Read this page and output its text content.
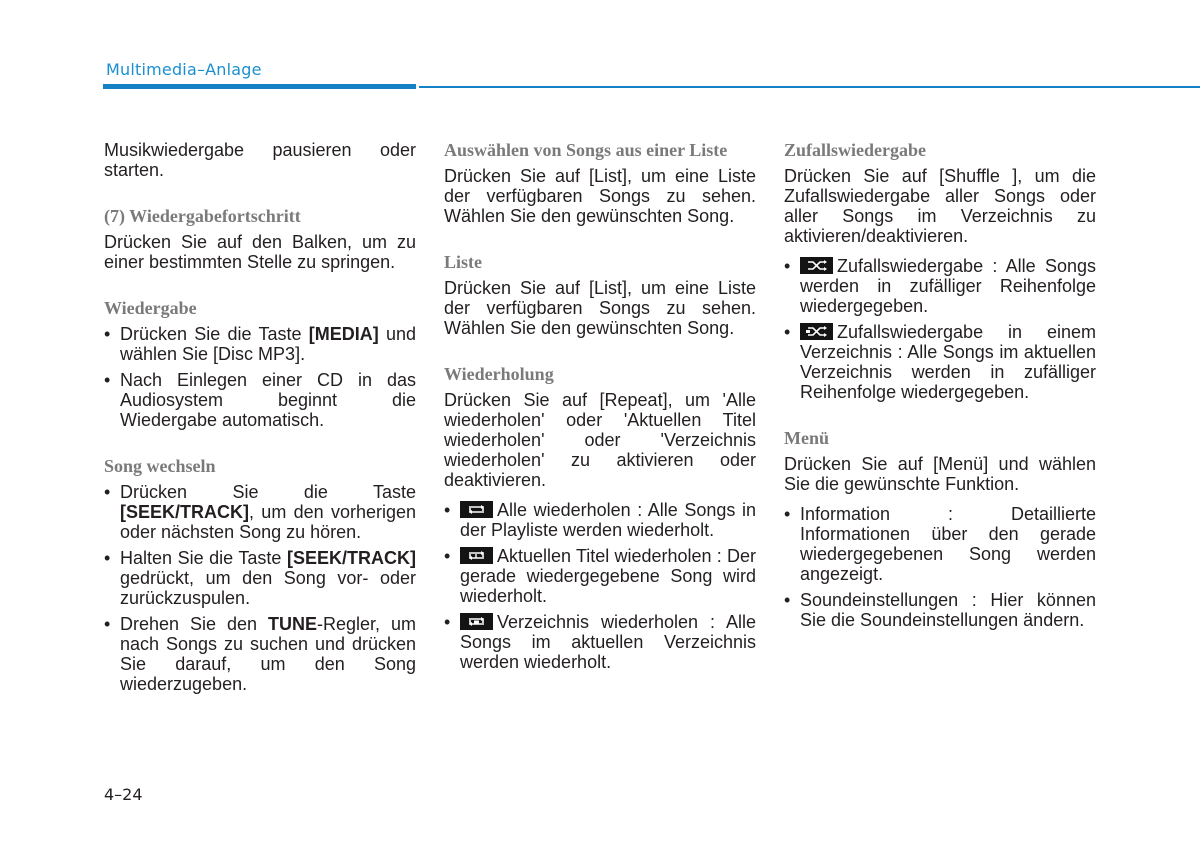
Multimedia–Anlage

Musikwiedergabe pausieren oder starten.

(7) Wiedergabefortschritt

Drücken Sie auf den Balken, um zu einer bestimmten Stelle zu springen.

Wiedergabe
• Drücken Sie die Taste [MEDIA] und wählen Sie [Disc MP3].
• Nach Einlegen einer CD in das Audiosystem beginnt die Wiedergabe automatisch.
Song wechseln
• Drücken Sie die Taste [SEEK/TRACK], um den vorherigen oder nächsten Song zu hören.
• Halten Sie die Taste [SEEK/TRACK] gedrückt, um den Song vor- oder zurückzuspulen.
• Drehen Sie den TUNE-Regler, um nach Songs zu suchen und drücken Sie darauf, um den Song wiederzugeben.
Auswählen von Songs aus einer Liste

Drücken Sie auf [List], um eine Liste der verfügbaren Songs zu sehen. Wählen Sie den gewünschten Song.

Liste

Drücken Sie auf [List], um eine Liste der verfügbaren Songs zu sehen. Wählen Sie den gewünschten Song.

Wiederholung

Drücken Sie auf [Repeat], um 'Alle wiederholen' oder 'Aktuellen Titel wiederholen' oder 'Verzeichnis wiederholen' zu aktivieren oder deaktivieren.

• Alle wiederholen : Alle Songs in der Playliste werden wiederholt.
• Aktuellen Titel wiederholen : Der gerade wiedergegebene Song wird wiederholt.
• Verzeichnis wiederholen : Alle Songs im aktuellen Verzeichnis werden wiederholt.
Zufallswiedergabe

Drücken Sie auf [Shuffle ], um die Zufallswiedergabe aller Songs oder aller Songs im Verzeichnis zu aktivieren/deaktivieren.

• Zufallswiedergabe : Alle Songs werden in zufälliger Reihenfolge wiedergegeben.
• Zufallswiedergabe in einem Verzeichnis : Alle Songs im aktuellen Verzeichnis werden in zufälliger Reihenfolge wiedergegeben.
Menü

Drücken Sie auf [Menü] und wählen Sie die gewünschte Funktion.

• Information : Detaillierte Informationen über den gerade wiedergegebenen Song werden angezeigt.
• Soundeinstellungen : Hier können Sie die Soundeinstellungen ändern.
4–24
